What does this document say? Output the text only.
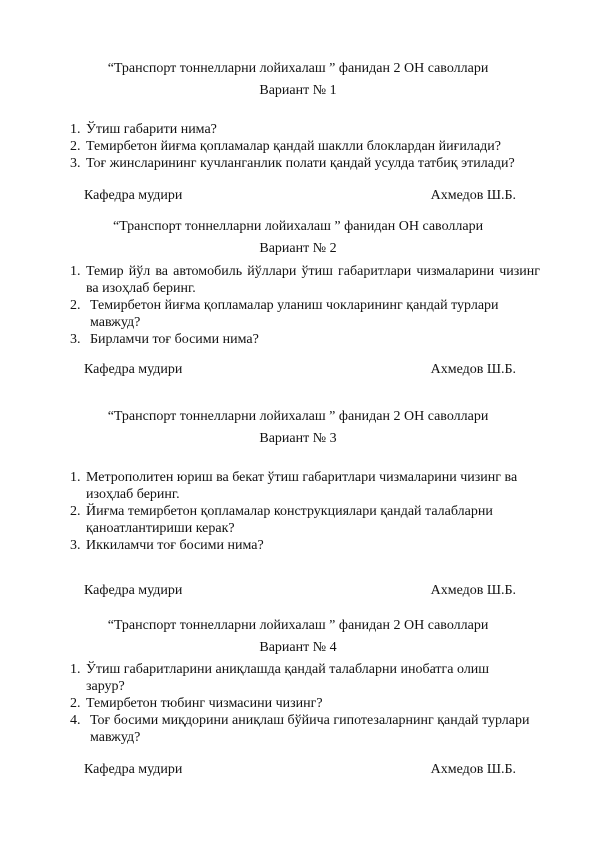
“Транспорт тоннелларни лойихалаш ” фанидан 2 ОН саволлари
Вариант № 1
1. Ўтиш габарити нима?
2. Темирбетон йиғма қопламалар қандай шаклли блоклардан йиғилади?
3. Тоғ жинсларининг кучланганлик полати қандай усулда татбиқ этилади?
Кафедра мудири	Ахмедов Ш.Б.
“Транспорт тоннелларни лойихалаш ” фанидан ОН саволлари
Вариант № 2
1. Темир йўл ва автомобиль йўллари ўтиш габаритлари чизмаларини чизинг ва изоҳлаб беринг.
2. Темирбетон йиғма қопламалар уланиш чокларининг қандай турлари мавжуд?
3. Бирламчи тоғ босими нима?
Кафедра мудири	Ахмедов Ш.Б.
“Транспорт тоннелларни лойихалаш ” фанидан 2 ОН саволлари
Вариант № 3
1. Метрополитен юриш ва бекат ўтиш габаритлари чизмаларини чизинг ва изоҳлаб беринг.
2. Йиғма темирбетон қопламалар конструкциялари қандай талабларни қаноатлантириши керак?
3. Иккиламчи тоғ босими нима?
Кафедра мудири	Ахмедов Ш.Б.
“Транспорт тоннелларни лойихалаш ” фанидан 2 ОН саволлари
Вариант № 4
1. Ўтиш габаритларини аниқлашда қандай талабларни инобатга олиш зарур?
2. Темирбетон тюбинг чизмасини чизинг?
4. Тоғ босими миқдорини аниқлаш бўйича гипотезаларнинг қандай турлари мавжуд?
Кафедра мудири	Ахмедов Ш.Б.
